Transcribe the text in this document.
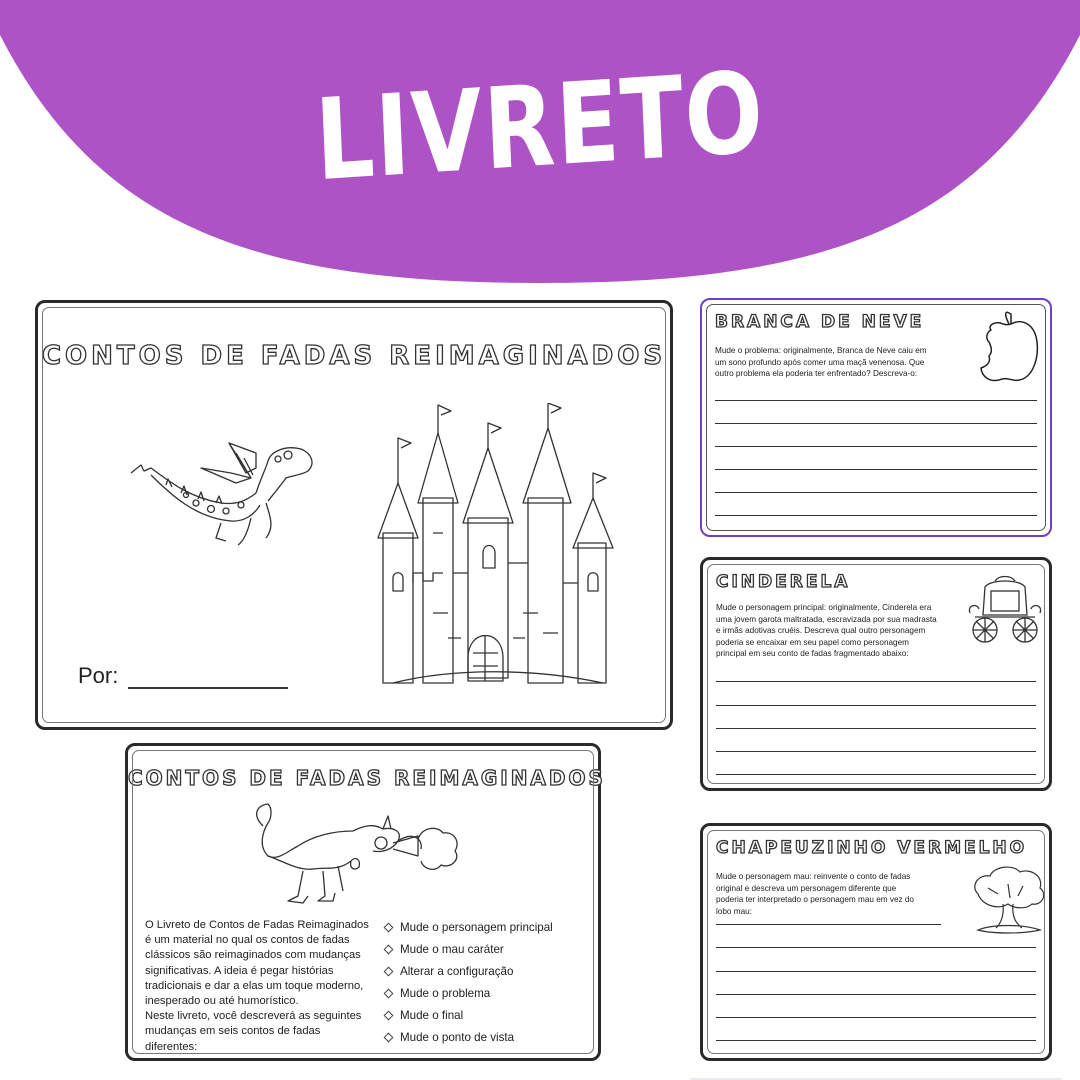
LIVRETO
CONTOS DE FADAS REIMAGINADOS
Por:
CONTOS DE FADAS REIMAGINADOS
O Livreto de Contos de Fadas Reimaginados
é um material no qual os contos de fadas
clássicos são reimaginados com mudanças
significativas. A ideia é pegar histórias
tradicionais e dar a elas um toque moderno,
inesperado ou até humorístico.
Neste livreto, você descreverá as seguintes
mudanças em seis contos de fadas
diferentes:
Mude o personagem principal
Mude o mau caráter
Alterar a configuração
Mude o problema
Mude o final
Mude o ponto de vista
BRANCA DE NEVE
Mude o problema: originalmente, Branca de Neve caiu em
um sono profundo após comer uma maçã venenosa. Que
outro problema ela poderia ter enfrentado? Descreva-o:
CINDERELA
Mude o personagem principal: originalmente, Cinderela era
uma jovem garota maltratada, escravizada por sua madrasta
e irmãs adotivas cruéis. Descreva qual outro personagem
poderia se encaixar em seu papel como personagem
principal em seu conto de fadas fragmentado abaixo:
CHAPEUZINHO VERMELHO
Mude o personagem mau: reinvente o conto de fadas
original e descreva um personagem diferente que
poderia ter interpretado o personagem mau em vez do
lobo mau:
